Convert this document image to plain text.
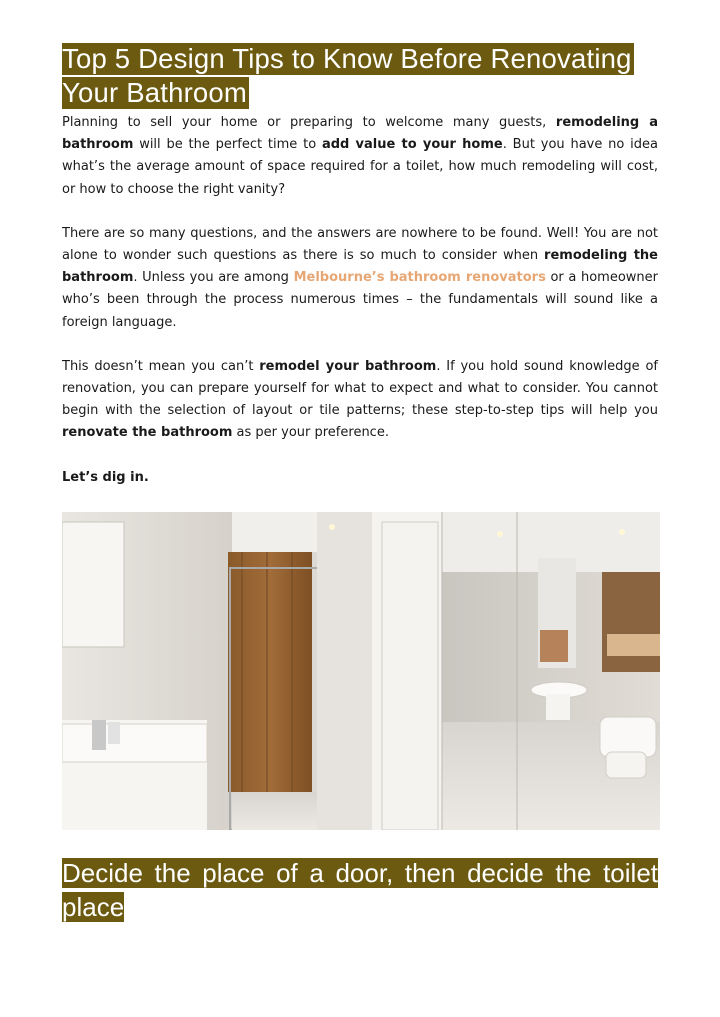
Top 5 Design Tips to Know Before Renovating Your Bathroom

Planning to sell your home or preparing to welcome many guests, remodeling a bathroom will be the perfect time to add value to your home. But you have no idea what’s the average amount of space required for a toilet, how much remodeling will cost, or how to choose the right vanity?

There are so many questions, and the answers are nowhere to be found. Well! You are not alone to wonder such questions as there is so much to consider when remodeling the bathroom. Unless you are among Melbourne’s bathroom renovators or a homeowner who’s been through the process numerous times – the fundamentals will sound like a foreign language.

This doesn’t mean you can’t remodel your bathroom. If you hold sound knowledge of renovation, you can prepare yourself for what to expect and what to consider. You cannot begin with the selection of layout or tile patterns; these step-to-step tips will help you renovate the bathroom as per your preference.

Let’s dig in.

Decide the place of a door, then decide the toilet place
